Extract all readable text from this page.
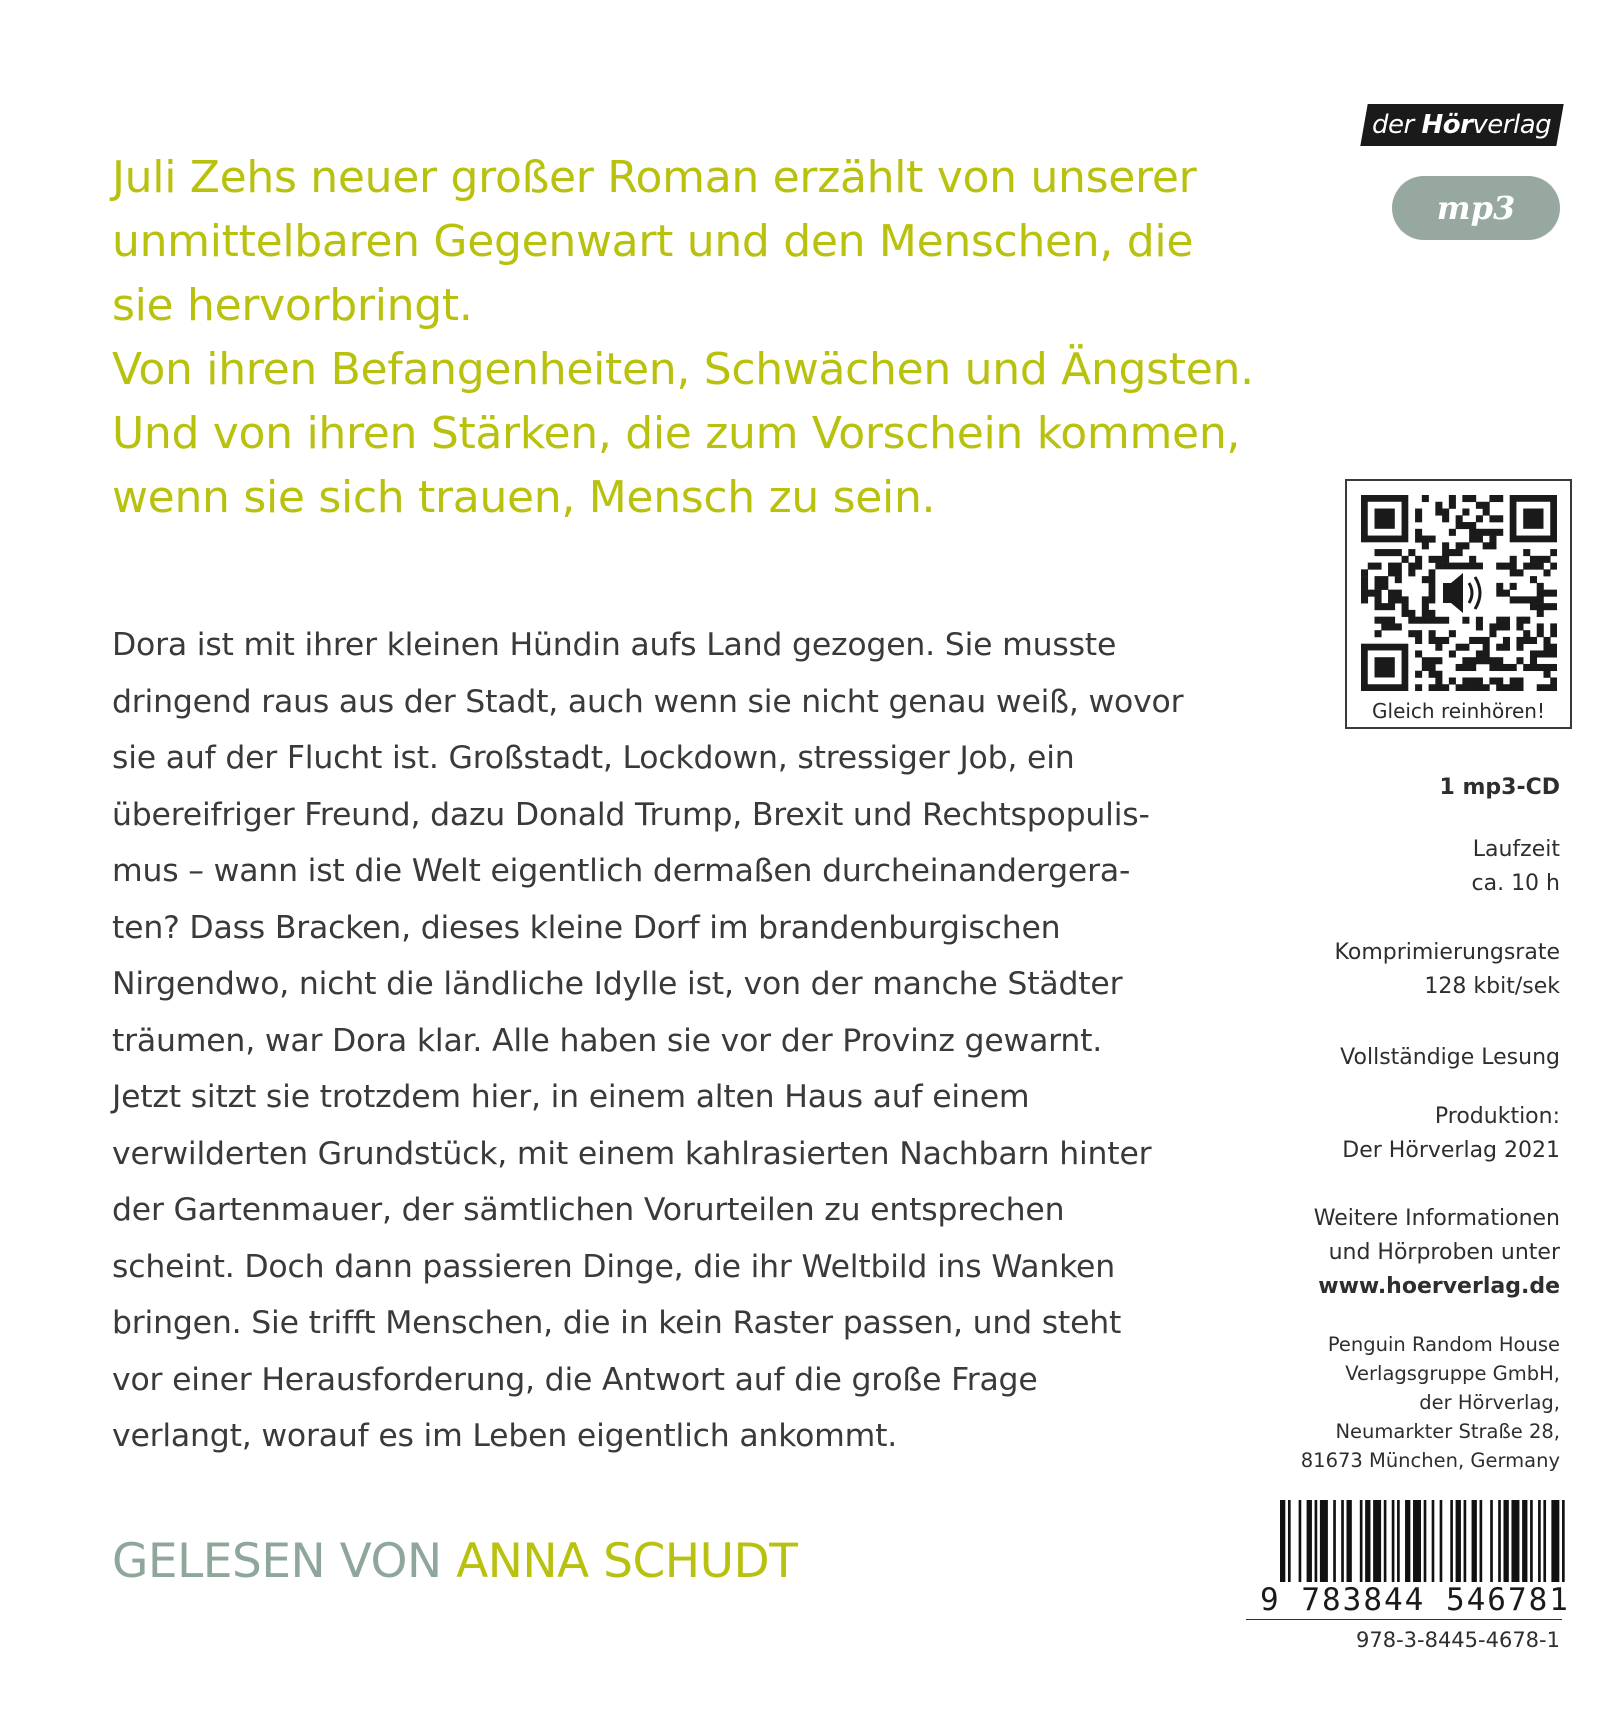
Juli Zehs neuer großer Roman erzählt von unserer
unmittelbaren Gegenwart und den Menschen, die
sie hervorbringt.
Von ihren Befangenheiten, Schwächen und Ängsten.
Und von ihren Stärken, die zum Vorschein kommen,
wenn sie sich trauen, Mensch zu sein.
Dora ist mit ihrer kleinen Hündin aufs Land gezogen. Sie musste
dringend raus aus der Stadt, auch wenn sie nicht genau weiß, wovor
sie auf der Flucht ist. Großstadt, Lockdown, stressiger Job, ein
übereifriger Freund, dazu Donald Trump, Brexit und Rechtspopulis-
mus – wann ist die Welt eigentlich dermaßen durcheinandergera-
ten? Dass Bracken, dieses kleine Dorf im brandenburgischen
Nirgendwo, nicht die ländliche Idylle ist, von der manche Städter
träumen, war Dora klar. Alle haben sie vor der Provinz gewarnt.
Jetzt sitzt sie trotzdem hier, in einem alten Haus auf einem
verwilderten Grundstück, mit einem kahlrasierten Nachbarn hinter
der Gartenmauer, der sämtlichen Vorurteilen zu entsprechen
scheint. Doch dann passieren Dinge, die ihr Weltbild ins Wanken
bringen. Sie trifft Menschen, die in kein Raster passen, und steht
vor einer Herausforderung, die Antwort auf die große Frage
verlangt, worauf es im Leben eigentlich ankommt.
GELESEN VON ANNA SCHUDT
der Hörverlag
mp3
Gleich reinhören!
1 mp3-CD
Laufzeit
ca. 10 h
Komprimierungsrate
128 kbit/sek
Vollständige Lesung
Produktion:
Der Hörverlag 2021
Weitere Informationen
und Hörproben unter
www.hoerverlag.de
Penguin Random House
Verlagsgruppe GmbH,
der Hörverlag,
Neumarkter Straße 28,
81673 München, Germany
9 783844 546781
978-3-8445-4678-1
